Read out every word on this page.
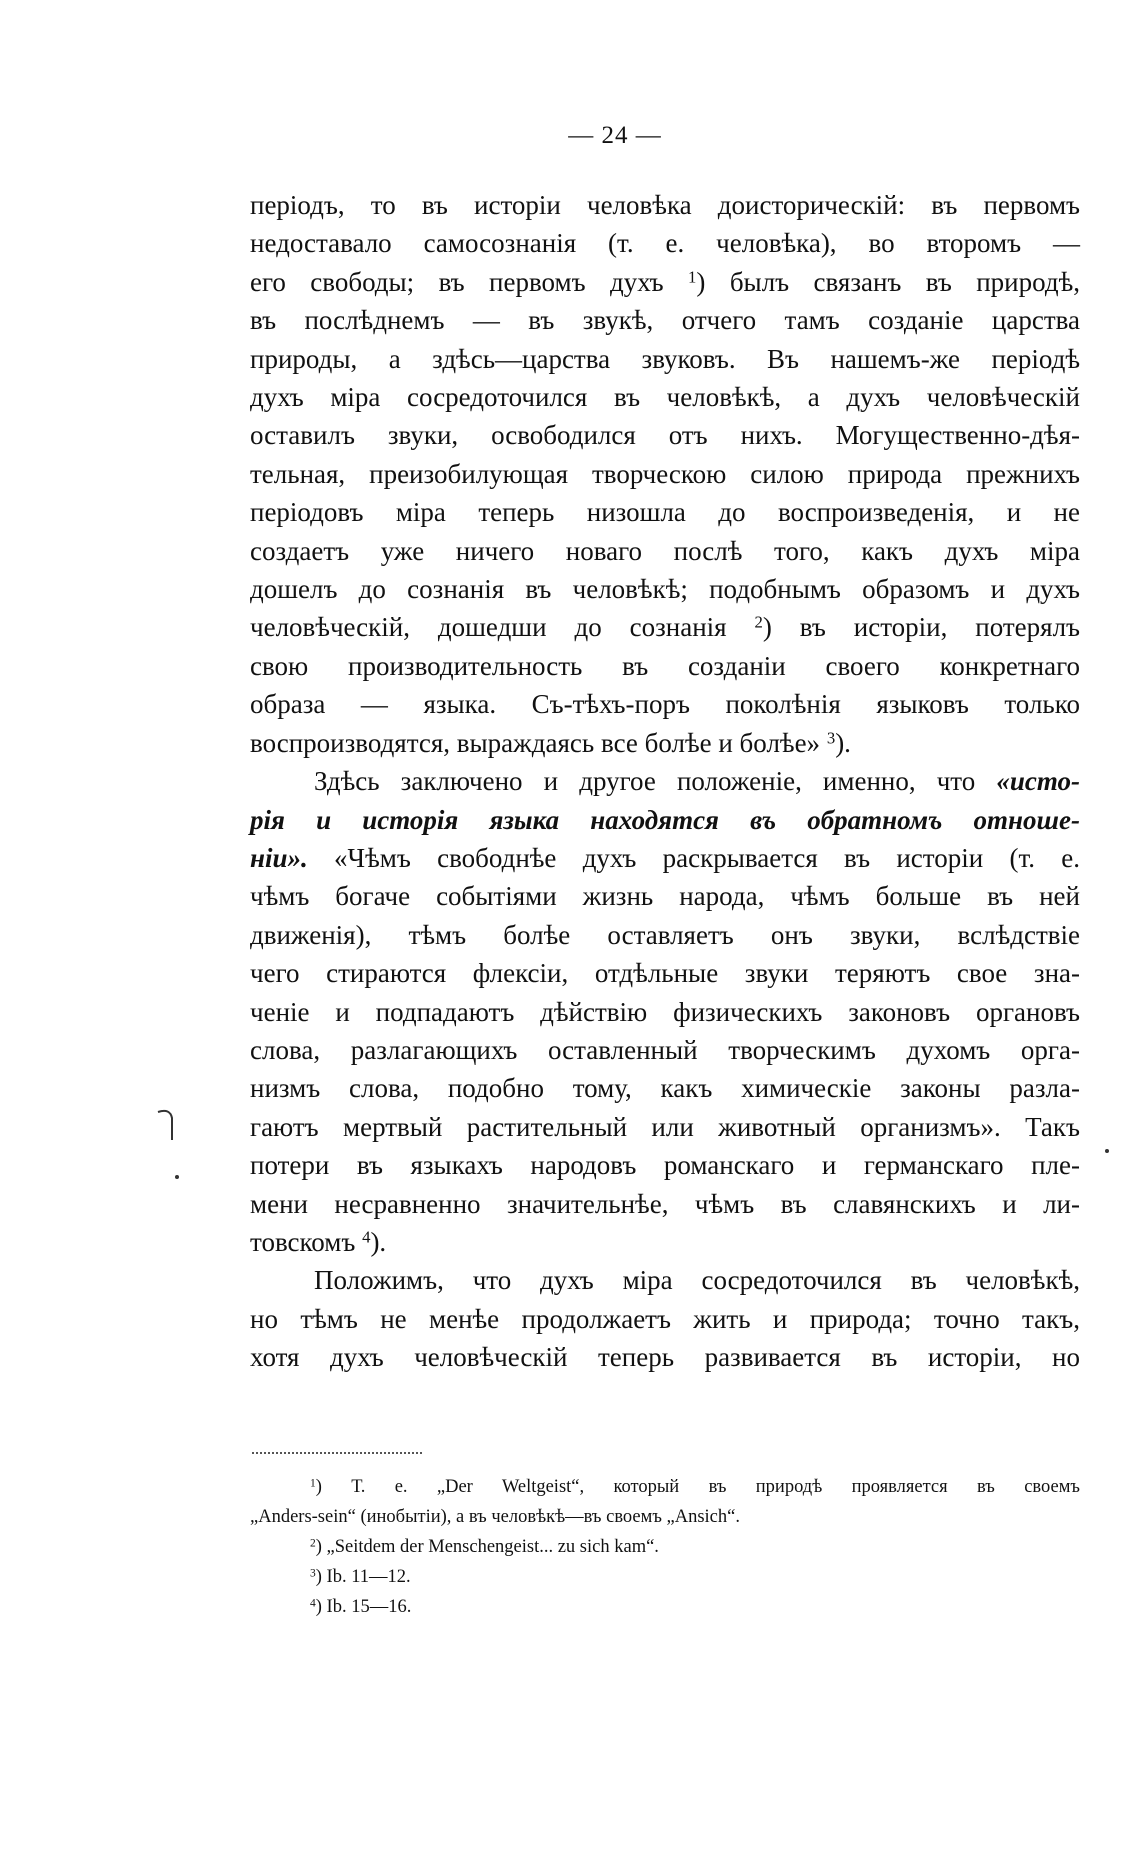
— 24 —
періодъ, то въ исторіи человѣка доисторическій: въ первомъ
недоставало самосознанія (т. е. человѣка), во второмъ —
его свободы; въ первомъ духъ $^1$) былъ связанъ въ природѣ,
въ послѣднемъ — въ звукѣ, отчего тамъ созданіе царства
природы, а здѣсь—царства звуковъ. Въ нашемъ-же періодѣ
духъ міра сосредоточился въ человѣкѣ, а духъ человѣческій
оставилъ звуки, освободился отъ нихъ. Могущественно-дѣя-
тельная, преизобилующая творческою силою природа прежнихъ
періодовъ міра теперь низошла до воспроизведенія, и не
создаетъ уже ничего новаго послѣ того, какъ духъ міра
дошелъ до сознанія въ человѣкѣ; подобнымъ образомъ и духъ
человѣческій, дошедши до сознанія $^2$) въ исторіи, потерялъ
свою производительность въ созданіи своего конкретнаго
образа — языка. Съ-тѣхъ-поръ поколѣнія языковъ только
воспроизводятся, выраждаясь все болѣе и болѣе» $^3$).
Здѣсь заключено и другое положеніе, именно, что «исто-
рія и исторія языка находятся въ обратномъ отноше-
ніи». «Чѣмъ свободнѣе духъ раскрывается въ исторіи (т. е.
чѣмъ богаче событіями жизнь народа, чѣмъ больше въ ней
движенія), тѣмъ болѣе оставляетъ онъ звуки, вслѣдствіе
чего стираются флексіи, отдѣльные звуки теряютъ свое зна-
ченіе и подпадаютъ дѣйствію физическихъ законовъ органовъ
слова, разлагающихъ оставленный творческимъ духомъ орга-
низмъ слова, подобно тому, какъ химическіе законы разла-
гаютъ мертвый растительный или животный организмъ». Такъ
потери въ языкахъ народовъ романскаго и германскаго пле-
мени несравненно значительнѣе, чѣмъ въ славянскихъ и ли-
товскомъ $^4$).
Положимъ, что духъ міра сосредоточился въ человѣкѣ,
но тѣмъ не менѣе продолжаетъ жить и природа; точно такъ,
хотя духъ человѣческій теперь развивается въ исторіи, но
$^1$) Т. е. „Der Weltgeist“, который въ природѣ проявляется въ своемъ
„Anders-sein“ (инобытіи), а въ человѣкѣ—въ своемъ „Ansich“.
$^2$) „Seitdem der Menschengeist... zu sich kam“.
$^3$) Ib. 11—12.
$^4$) Ib. 15—16.
